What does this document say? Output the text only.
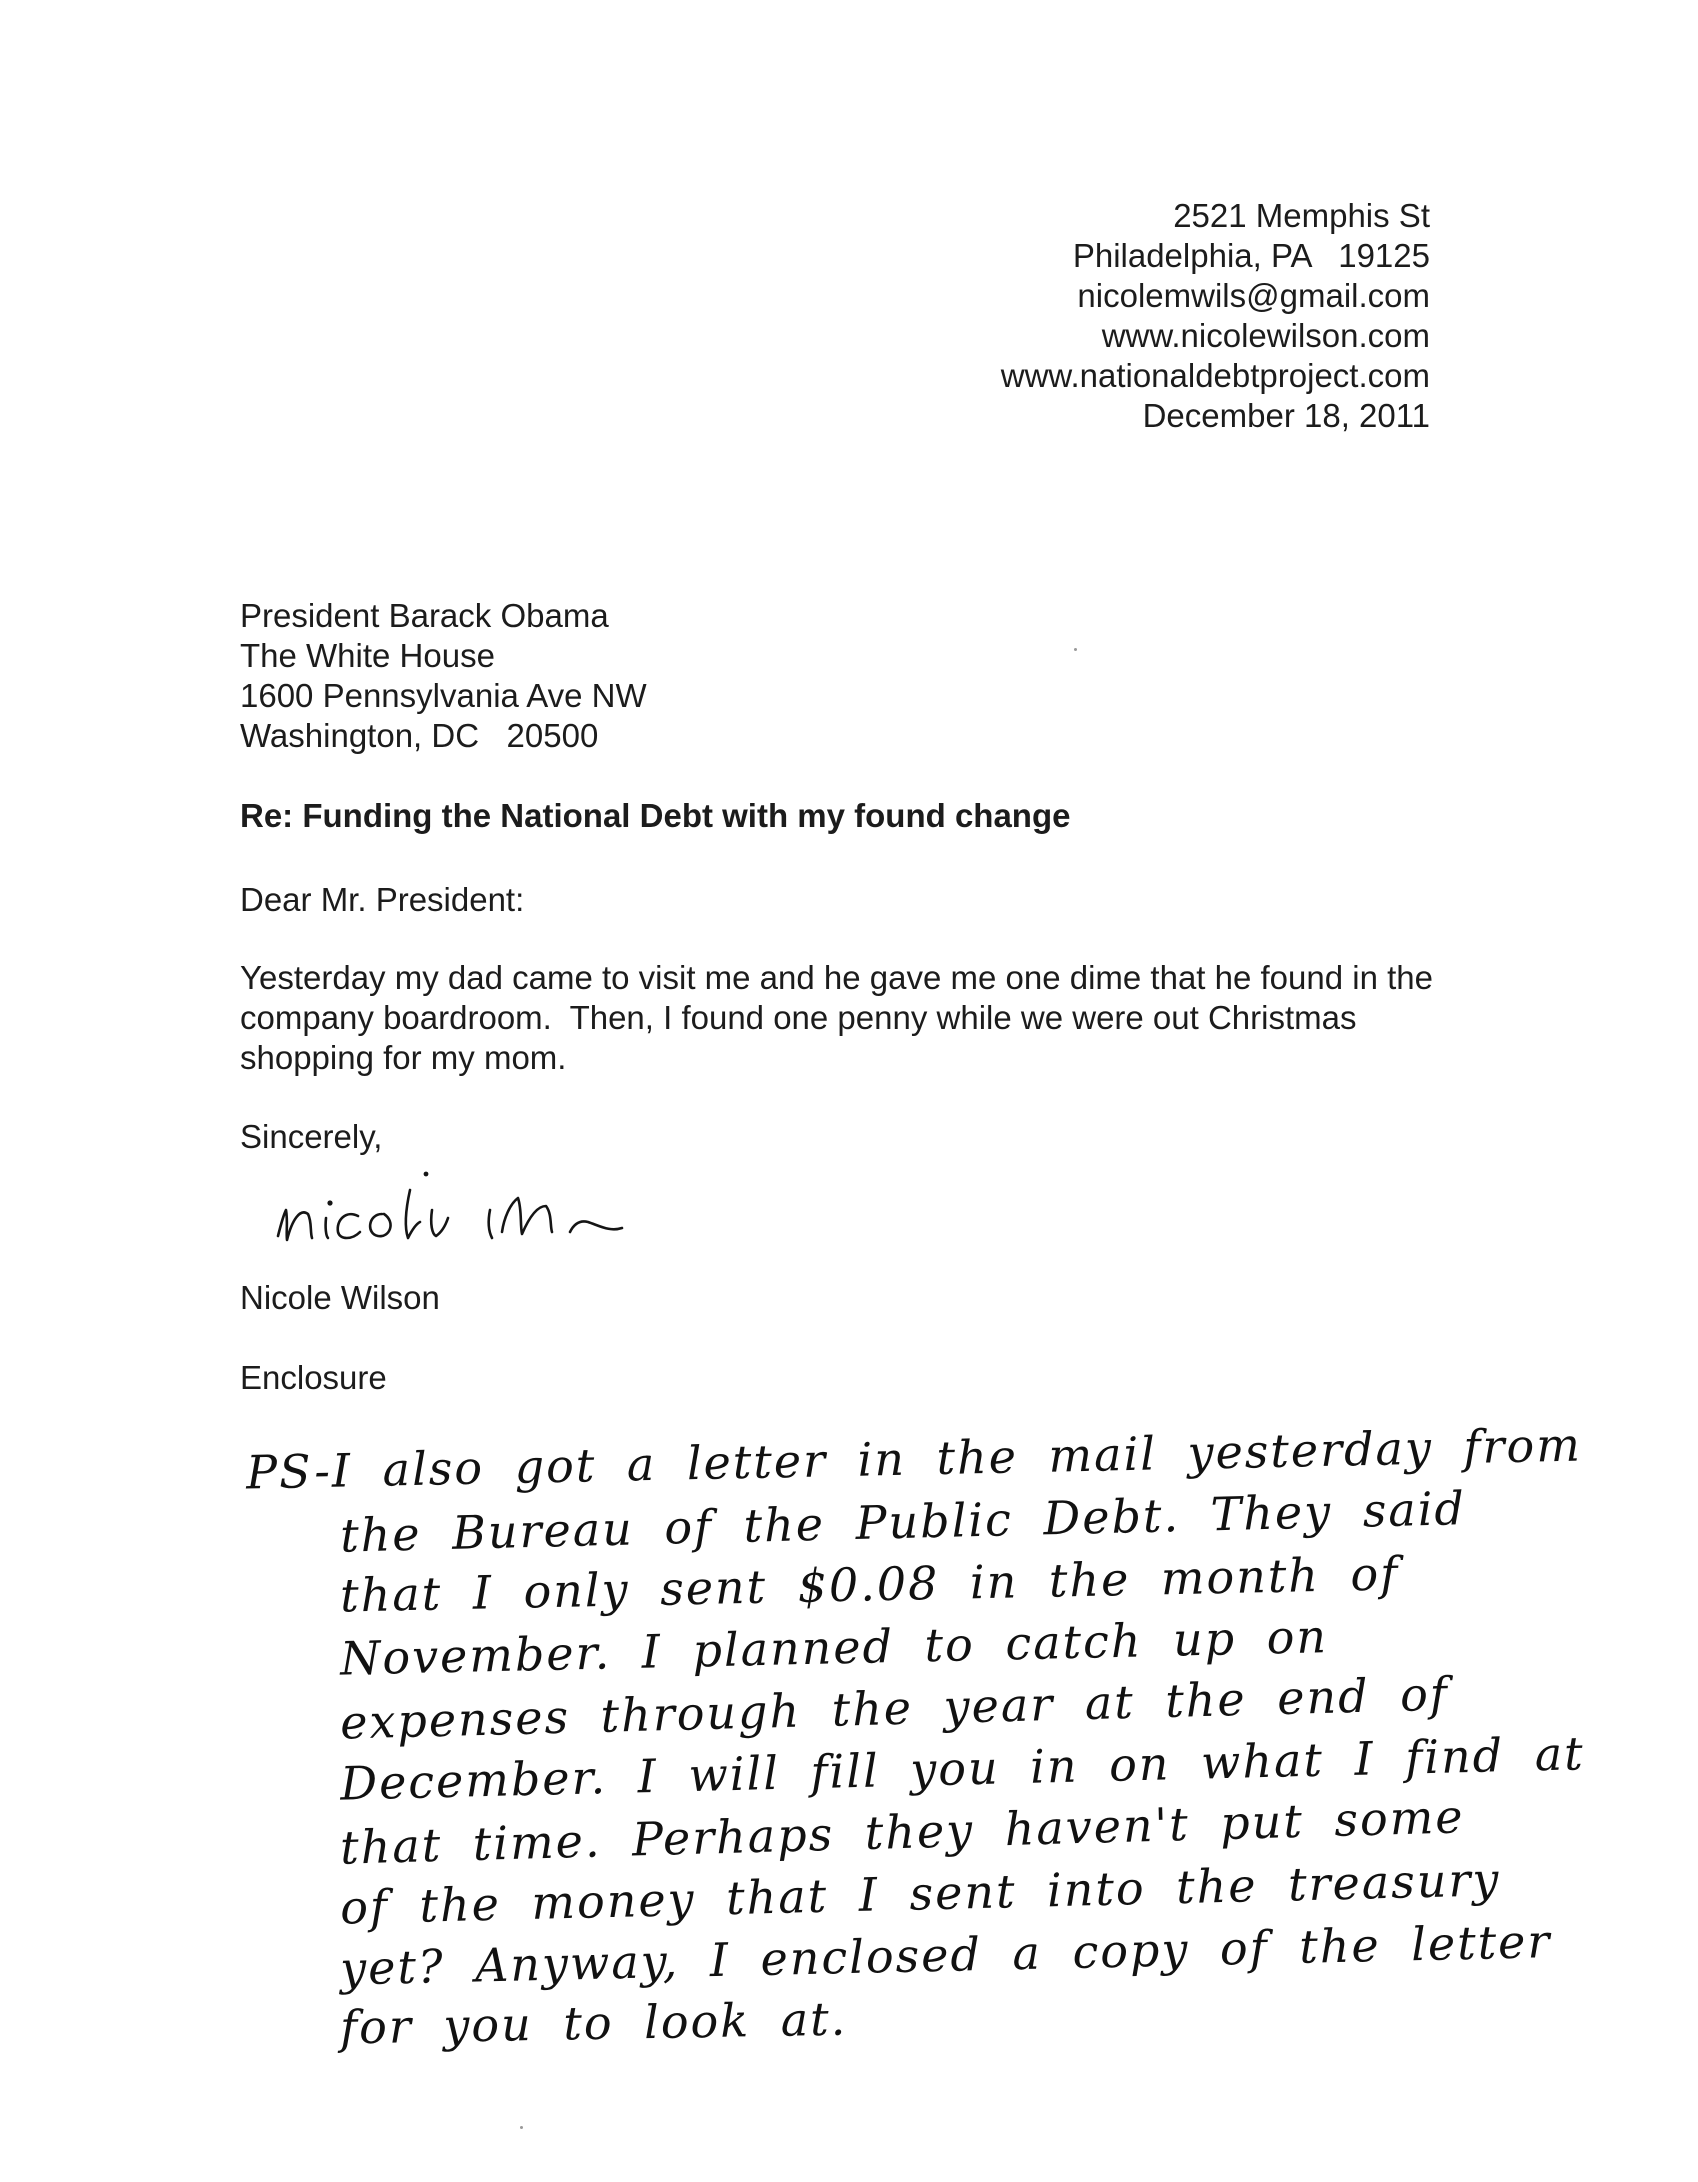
2521 Memphis St
Philadelphia, PA   19125
nicolemwils@gmail.com
www.nicolewilson.com
www.nationaldebtproject.com
December 18, 2011
President Barack Obama
The White House
1600 Pennsylvania Ave NW
Washington, DC   20500
Re: Funding the National Debt with my found change
Dear Mr. President:
Yesterday my dad came to visit me and he gave me one dime that he found in the company boardroom.  Then, I found one penny while we were out Christmas shopping for my mom.
Sincerely,
Nicole Wilson
Enclosure
PS-I also got a letter in the mail yesterday from
the Bureau of the Public Debt. They said
that I only sent $0.08 in the month of
November. I planned to catch up on
expenses through the year at the end of
December. I will fill you in on what I find at
that time. Perhaps they haven't put some
of the money that I sent into the treasury
yet? Anyway, I enclosed a copy of the letter
for you to look at.
